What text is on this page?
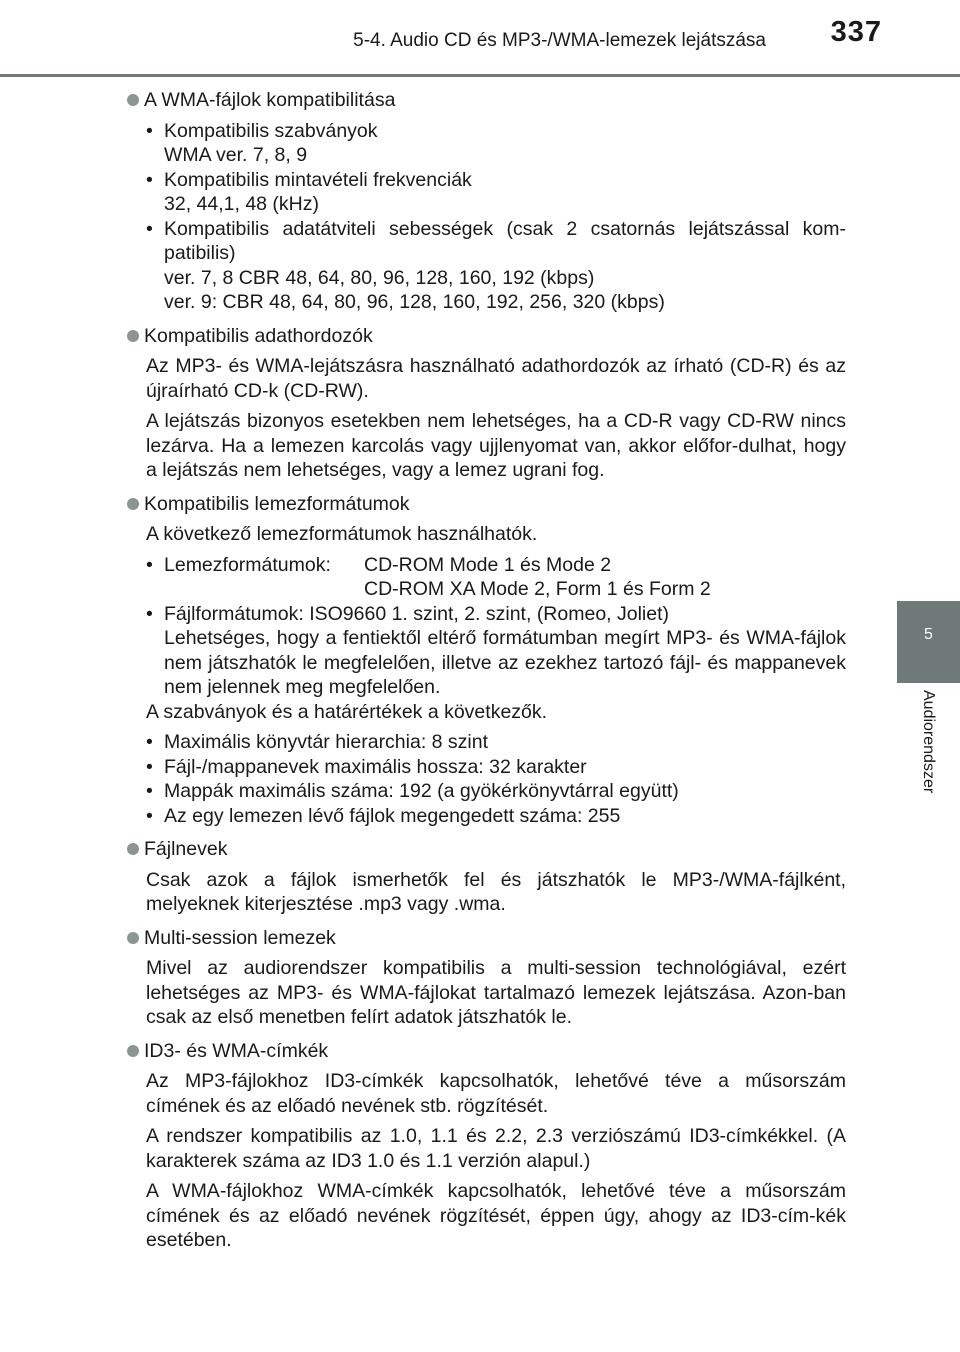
5-4. Audio CD és MP3-/WMA-lemezek lejátszása	337
5
Audiorendszer
A WMA-fájlok kompatibilitása
• Kompatibilis szabványok
WMA ver. 7, 8, 9
• Kompatibilis mintavételi frekvenciák
32, 44,1, 48 (kHz)
• Kompatibilis adatátviteli sebességek (csak 2 csatornás lejátszással kom-patibilis)
ver. 7, 8 CBR 48, 64, 80, 96, 128, 160, 192 (kbps)
ver. 9: CBR 48, 64, 80, 96, 128, 160, 192, 256, 320 (kbps)
Kompatibilis adathordozók

Az MP3- és WMA-lejátszásra használható adathordozók az írható (CD-R) és az újraírható CD-k (CD-RW).

A lejátszás bizonyos esetekben nem lehetséges, ha a CD-R vagy CD-RW nincs lezárva. Ha a lemezen karcolás vagy ujjlenyomat van, akkor előfor-dulhat, hogy a lejátszás nem lehetséges, vagy a lemez ugrani fog.

Kompatibilis lemezformátumok

A következő lemezformátumok használhatók.

• Lemezformátumok:	CD-ROM Mode 1 és Mode 2
CD-ROM XA Mode 2, Form 1 és Form 2
• Fájlformátumok: ISO9660 1. szint, 2. szint, (Romeo, Joliet)
Lehetséges, hogy a fentiektől eltérő formátumban megírt MP3- és WMA-fájlok nem játszhatók le megfelelően, illetve az ezekhez tartozó fájl- és mappanevek nem jelennek meg megfelelően.

A szabványok és a határértékek a következők.

• Maximális könyvtár hierarchia: 8 szint
• Fájl-/mappanevek maximális hossza: 32 karakter
• Mappák maximális száma: 192 (a gyökérkönyvtárral együtt)
• Az egy lemezen lévő fájlok megengedett száma: 255
Fájlnevek

Csak azok a fájlok ismerhetők fel és játszhatók le MP3-/WMA-fájlként, melyeknek kiterjesztése .mp3 vagy .wma.

Multi-session lemezek

Mivel az audiorendszer kompatibilis a multi-session technológiával, ezért lehetséges az MP3- és WMA-fájlokat tartalmazó lemezek lejátszása. Azon-ban csak az első menetben felírt adatok játszhatók le.

ID3- és WMA-címkék

Az MP3-fájlokhoz ID3-címkék kapcsolhatók, lehetővé téve a műsorszám címének és az előadó nevének stb. rögzítését.

A rendszer kompatibilis az 1.0, 1.1 és 2.2, 2.3 verziószámú ID3-címkékkel. (A karakterek száma az ID3 1.0 és 1.1 verzión alapul.)

A WMA-fájlokhoz WMA-címkék kapcsolhatók, lehetővé téve a műsorszám címének és az előadó nevének rögzítését, éppen úgy, ahogy az ID3-cím-kék esetében.
